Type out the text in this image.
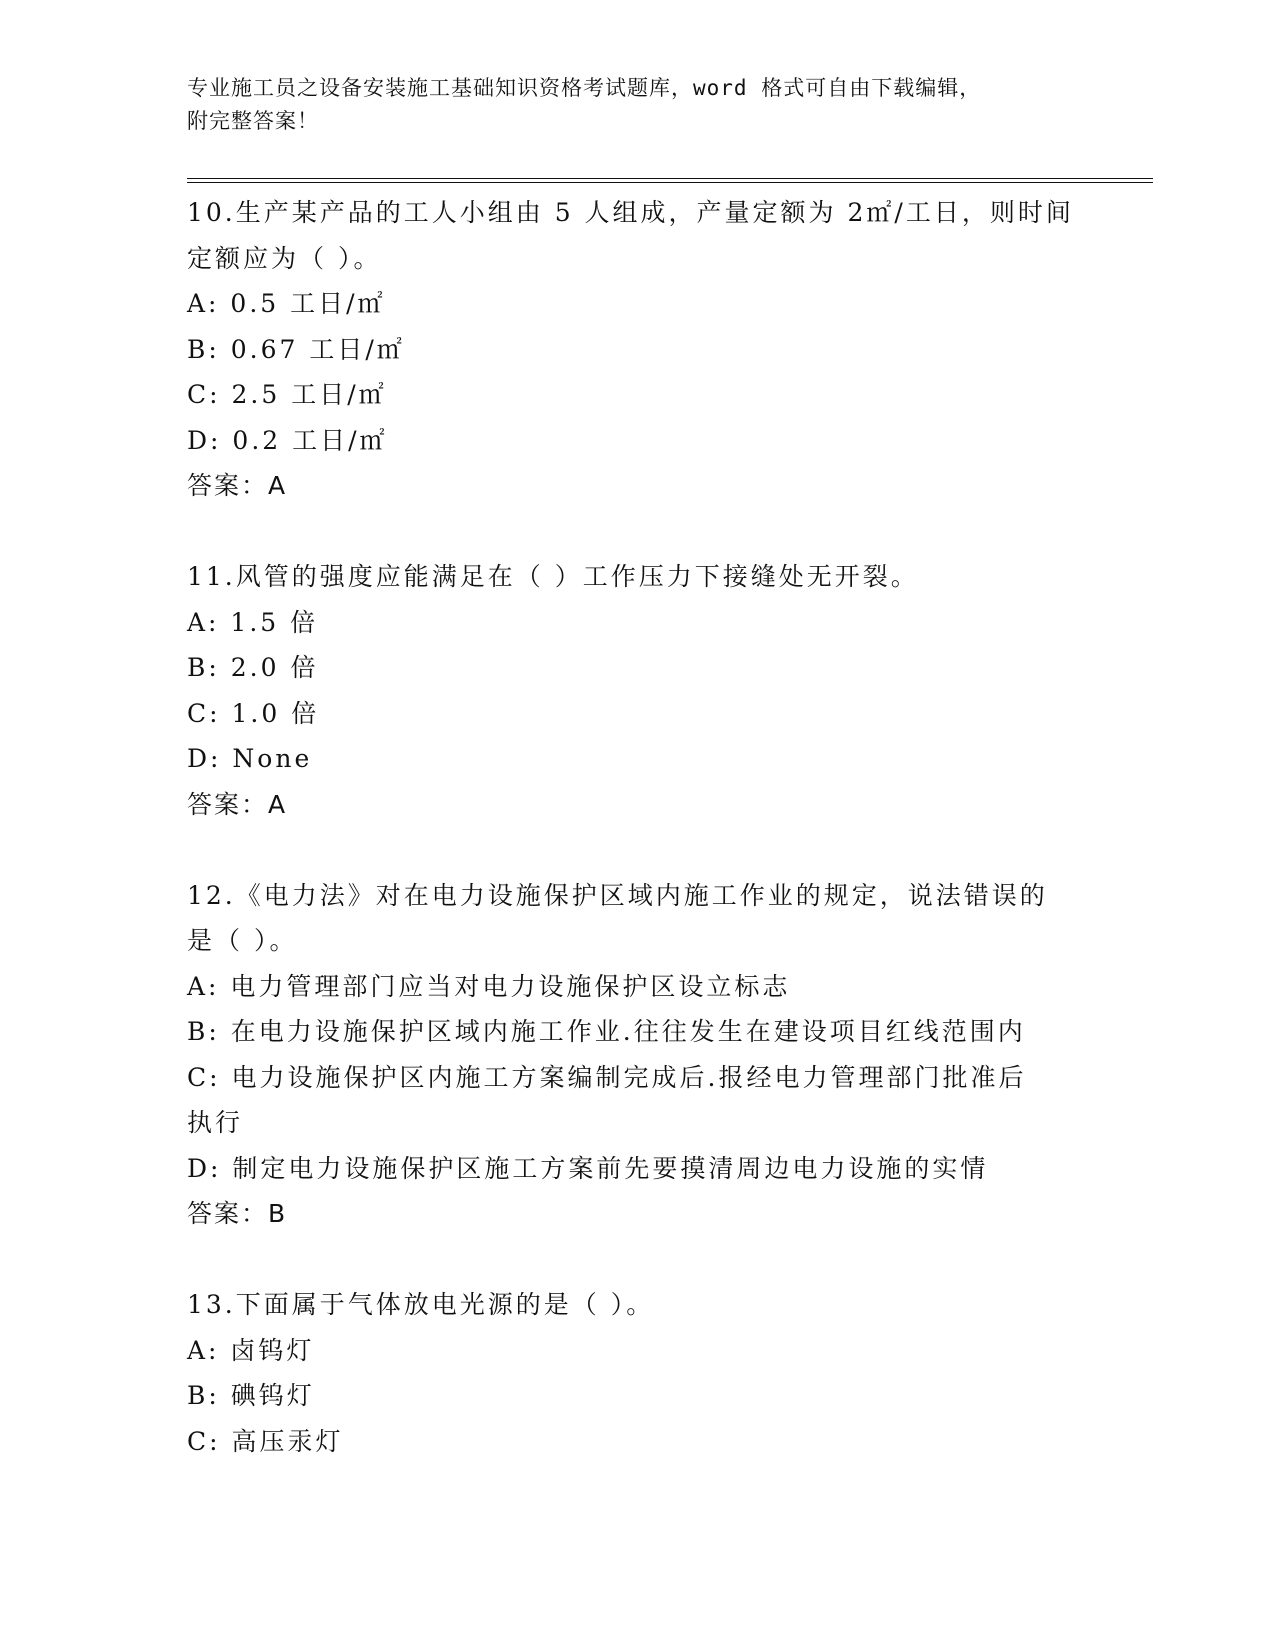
专业施工员之设备安装施工基础知识资格考试题库，word 格式可自由下载编辑，
附完整答案！
10.生产某产品的工人小组由 5 人组成，产量定额为 2㎡/工日，则时间
定额应为（ ）。
A: 0.5 工日/㎡
B: 0.67 工日/㎡
C: 2.5 工日/㎡
D: 0.2 工日/㎡
答案：A
11.风管的强度应能满足在（ ）工作压力下接缝处无开裂。
A: 1.5 倍
B: 2.0 倍
C: 1.0 倍
D: None
答案：A
12.《电力法》对在电力设施保护区域内施工作业的规定，说法错误的
是（ ）。
A: 电力管理部门应当对电力设施保护区设立标志
B: 在电力设施保护区域内施工作业.往往发生在建设项目红线范围内
C: 电力设施保护区内施工方案编制完成后.报经电力管理部门批准后
执行
D: 制定电力设施保护区施工方案前先要摸清周边电力设施的实情
答案：B
13.下面属于气体放电光源的是（ ）。
A: 卤钨灯
B: 碘钨灯
C: 高压汞灯
